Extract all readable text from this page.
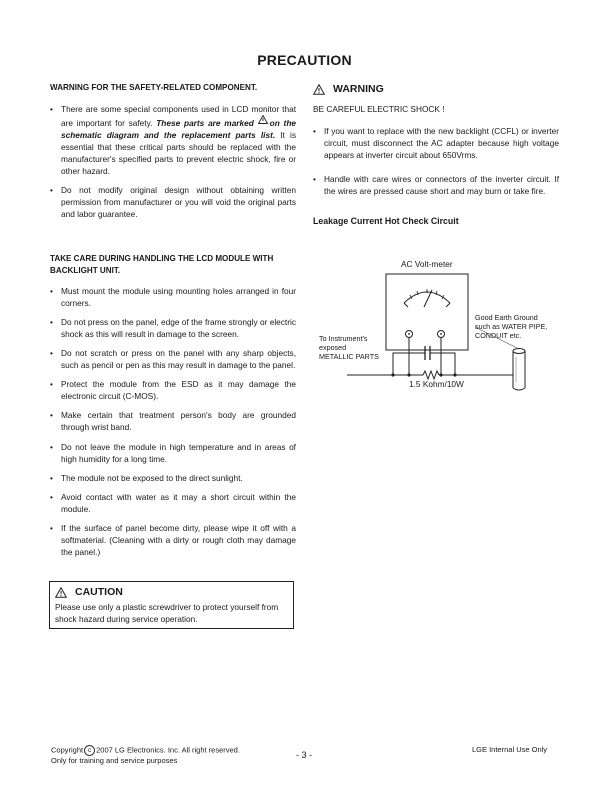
PRECAUTION
WARNING FOR THE SAFETY-RELATED COMPONENT.
• There are some special components used in LCD monitor that are important for safety. These parts are marked on the schematic diagram and the replacement parts list. It is essential that these critical parts should be replaced with the manufacturer's specified parts to prevent electric shock, fire or other hazard.
• Do not modify original design without obtaining written permission from manufacturer or you will void the original parts and labor guarantee.
TAKE CARE DURING HANDLING THE LCD MODULE WITH BACKLIGHT UNIT.
• Must mount the module using mounting holes arranged in four corners.
• Do not press on the panel, edge of the frame strongly or electric shock as this will result in damage to the screen.
• Do not scratch or press on the panel with any sharp objects, such as pencil or pen as this may result in damage to the panel.
• Protect the module from the ESD as it may damage the electronic circuit (C-MOS).
• Make certain that treatment person's body are grounded through wrist band.
• Do not leave the module in high temperature and in areas of high humidity for a long time.
• The module not be exposed to the direct sunlight.
• Avoid contact with water as it may a short circuit within the module.
• If the surface of panel become dirty, please wipe it off with a softmaterial. (Cleaning with a dirty or rough cloth may damage the panel.)
CAUTION
Please use only a plastic screwdriver to protect yourself from shock hazard during service operation.
WARNING
BE CAREFUL ELECTRIC SHOCK !
• If you want to replace with the new backlight (CCFL) or inverter circuit, must disconnect the AC adapter because high voltage appears at inverter circuit about 650Vrms.
• Handle with care wires or connectors of the inverter circuit. If the wires are pressed cause short and may burn or take fire.
Leakage Current Hot Check Circuit
AC Volt-meter
To Instrument's
exposed
METALLIC PARTS
Good Earth Ground
such as WATER PIPE,
CONDUIT etc.
1.5 Kohm/10W
Copyright c 2007 LG Electronics. Inc. All right reserved.
Only for training and service purposes
- 3 -
LGE Internal Use Only
